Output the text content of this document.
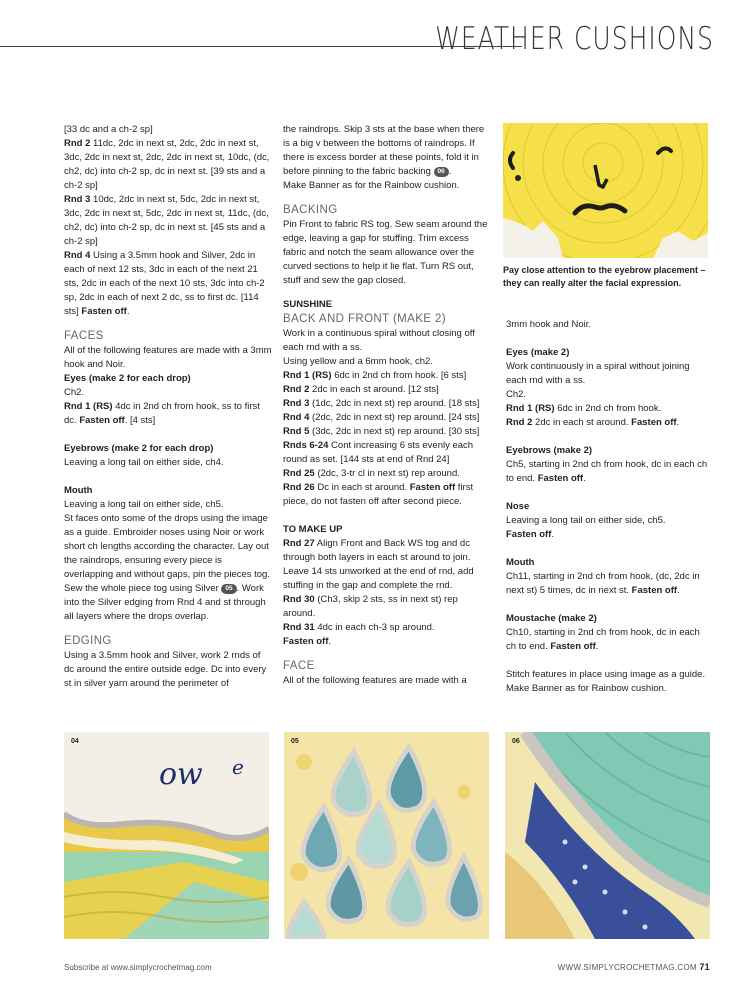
WEATHER CUSHIONS

[33 dc and a ch-2 sp]

Rnd 2 11dc, 2dc in next st, 2dc, 2dc in next st, 3dc, 2dc in next st, 2dc, 2dc in next st, 10dc, (dc, ch2, dc) into ch-2 sp, dc in next st. [39 sts and a ch-2 sp]

Rnd 3 10dc, 2dc in next st, 5dc, 2dc in next st, 3dc, 2dc in next st, 5dc, 2dc in next st, 11dc, (dc, ch2, dc) into ch-2 sp, dc in next st. [45 sts and a ch-2 sp]

Rnd 4 Using a 3.5mm hook and Silver, 2dc in each of next 12 sts, 3dc in each of the next 21 sts, 2dc in each of the next 10 sts, 3dc into ch-2 sp, 2dc in each of next 2 dc, ss to first dc. [114 sts] Fasten off.

FACES

All of the following features are made with a 3mm hook and Noir.

Eyes (make 2 for each drop)

Ch2.

Rnd 1 (RS) 4dc in 2nd ch from hook, ss to first dc. Fasten off. [4 sts]

Eyebrows (make 2 for each drop)

Leaving a long tail on either side, ch4.

Mouth

Leaving a long tail on either side, ch5.

St faces onto some of the drops using the image as a guide. Embroider noses using Noir or work short ch lengths according the character. Lay out the raindrops, ensuring every piece is overlapping and without gaps, pin the pieces tog. Sew the whole piece tog using Silver 05 . Work into the Silver edging from Rnd 4 and st through all layers where the drops overlap.

EDGING

Using a 3.5mm hook and Silver, work 2 rnds of dc around the entire outside edge. Dc into every st in silver yarn around the perimeter of

the raindrops. Skip 3 sts at the base when there is a big v between the bottoms of raindrops. If there is excess border at these points, fold it in before pinning to the fabric backing 06 .

Make Banner as for the Rainbow cushion.

BACKING

Pin Front to fabric RS tog. Sew seam around the edge, leaving a gap for stuffing. Trim excess fabric and notch the seam allowance over the curved sections to help it lie flat. Turn RS out, stuff and sew the gap closed.

SUNSHINE

BACK AND FRONT (MAKE 2)

Work in a continuous spiral without closing off each rnd with a ss.

Using yellow and a 6mm hook, ch2.

Rnd 1 (RS) 6dc in 2nd ch from hook. [6 sts]

Rnd 2 2dc in each st around. [12 sts]

Rnd 3 (1dc, 2dc in next st) rep around. [18 sts]

Rnd 4 (2dc, 2dc in next st) rep around. [24 sts]

Rnd 5 (3dc, 2dc in next st) rep around. [30 sts]

Rnds 6-24 Cont increasing 6 sts evenly each round as set. [144 sts at end of Rnd 24]

Rnd 25 (2dc, 3-tr cl in next st) rep around.

Rnd 26 Dc in each st around. Fasten off first piece, do not fasten off after second piece.

TO MAKE UP

Rnd 27 Align Front and Back WS tog and dc through both layers in each st around to join. Leave 14 sts unworked at the end of rnd, add stuffing in the gap and complete the rnd.

Rnd 30 (Ch3, skip 2 sts, ss in next st) rep around.

Rnd 31 4dc in each ch-3 sp around.

Fasten off.

FACE

All of the following features are made with a

Pay close attention to the eyebrow placement – they can really alter the facial expression.

3mm hook and Noir.

Eyes (make 2)

Work continuously in a spiral without joining each rnd with a ss.

Ch2.

Rnd 1 (RS) 6dc in 2nd ch from hook.

Rnd 2 2dc in each st around. Fasten off.

Eyebrows (make 2)

Ch5, starting in 2nd ch from hook, dc in each ch to end. Fasten off.

Nose

Leaving a long tail on either side, ch5.

Fasten off.

Mouth

Ch11, starting in 2nd ch from hook, (dc, 2dc in next st) 5 times, dc in next st. Fasten off.

Moustache (make 2)

Ch10, starting in 2nd ch from hook, dc in each ch to end. Fasten off.

Stitch features in place using image as a guide. Make Banner as for Rainbow cushion.

ow e
04	05	06
Subscribe at www.simplycrochetmag.com	WWW.SIMPLYCROCHETMAG.COM 71
